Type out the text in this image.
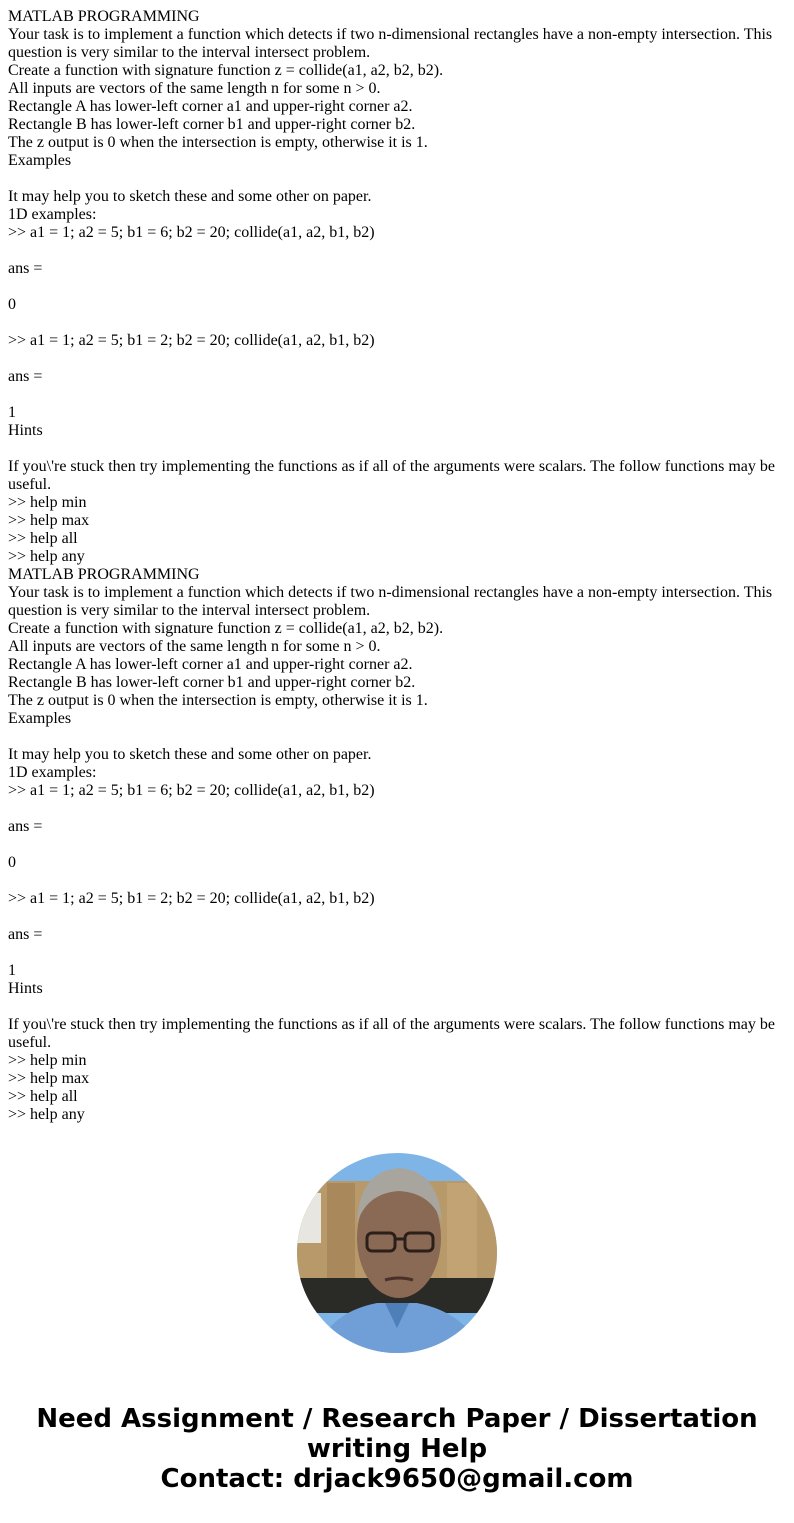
MATLAB PROGRAMMING
Your task is to implement a function which detects if two n-dimensional rectangles have a non-empty intersection. This question is very similar to the interval intersect problem.
Create a function with signature function z = collide(a1, a2, b2, b2).
All inputs are vectors of the same length n for some n > 0.
Rectangle A has lower-left corner a1 and upper-right corner a2.
Rectangle B has lower-left corner b1 and upper-right corner b2.
The z output is 0 when the intersection is empty, otherwise it is 1.
Examples
It may help you to sketch these and some other on paper.
1D examples:
>> a1 = 1; a2 = 5; b1 = 6; b2 = 20; collide(a1, a2, b1, b2)
ans =
0
>> a1 = 1; a2 = 5; b1 = 2; b2 = 20; collide(a1, a2, b1, b2)
ans =
1
Hints
If you\'re stuck then try implementing the functions as if all of the arguments were scalars. The follow functions may be useful.
>> help min
>> help max
>> help all
>> help any
MATLAB PROGRAMMING
Your task is to implement a function which detects if two n-dimensional rectangles have a non-empty intersection. This question is very similar to the interval intersect problem.
Create a function with signature function z = collide(a1, a2, b2, b2).
All inputs are vectors of the same length n for some n > 0.
Rectangle A has lower-left corner a1 and upper-right corner a2.
Rectangle B has lower-left corner b1 and upper-right corner b2.
The z output is 0 when the intersection is empty, otherwise it is 1.
Examples
It may help you to sketch these and some other on paper.
1D examples:
>> a1 = 1; a2 = 5; b1 = 6; b2 = 20; collide(a1, a2, b1, b2)
ans =
0
>> a1 = 1; a2 = 5; b1 = 2; b2 = 20; collide(a1, a2, b1, b2)
ans =
1
Hints
If you\'re stuck then try implementing the functions as if all of the arguments were scalars. The follow functions may be useful.
>> help min
>> help max
>> help all
>> help any
Need Assignment / Research Paper / Dissertation writing Help
Contact: drjack9650@gmail.com
